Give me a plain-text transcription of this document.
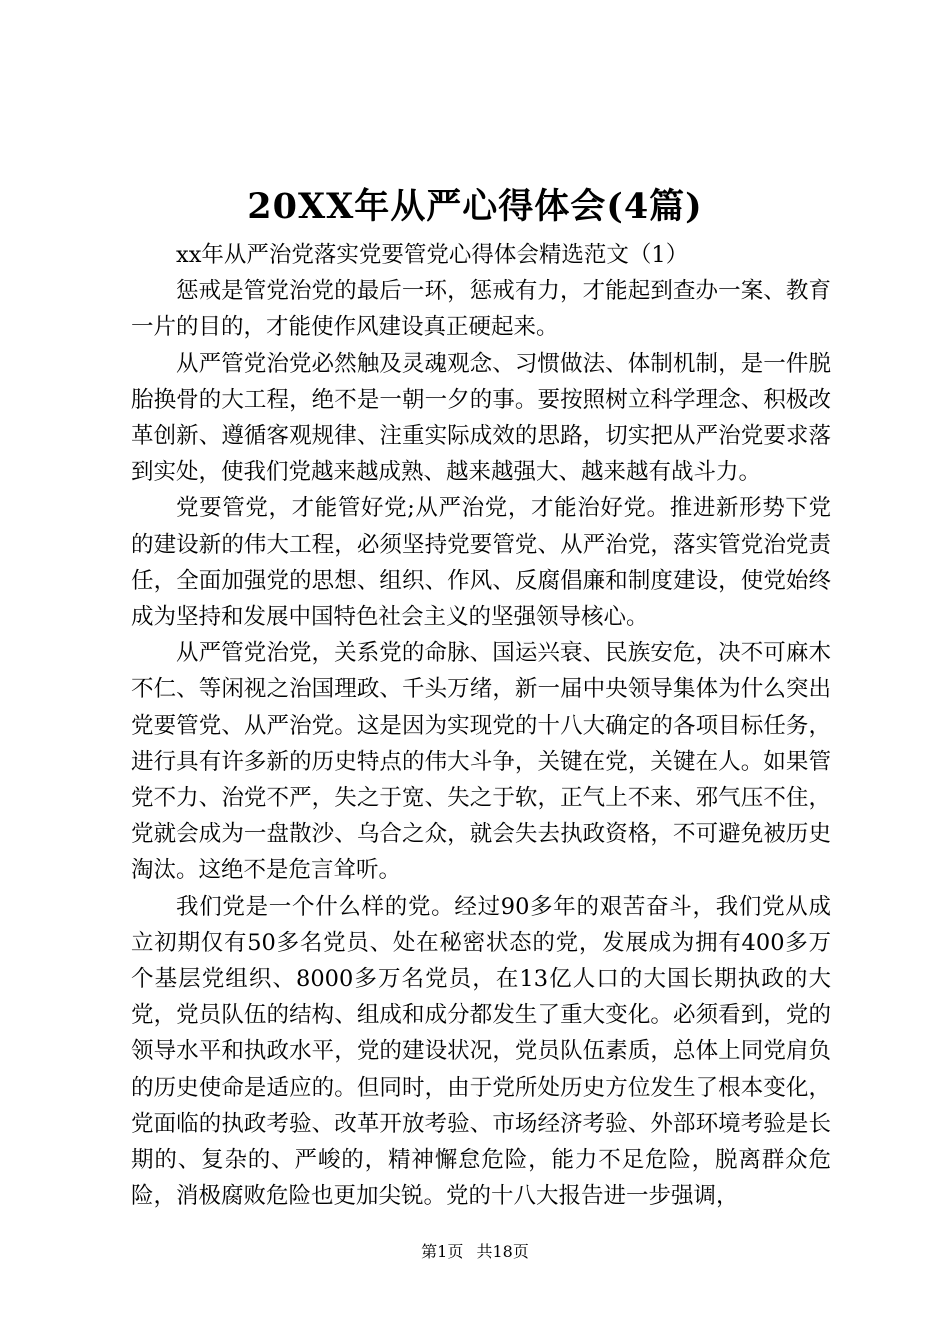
20XX年从严心得体会(4篇)

xx年从严治党落实党要管党心得体会精选范文（1）

惩戒是管党治党的最后一环，惩戒有力，才能起到查办一案、教育一片的目的，才能使作风建设真正硬起来。

从严管党治党必然触及灵魂观念、习惯做法、体制机制，是一件脱胎换骨的大工程，绝不是一朝一夕的事。要按照树立科学理念、积极改革创新、遵循客观规律、注重实际成效的思路，切实把从严治党要求落到实处，使我们党越来越成熟、越来越强大、越来越有战斗力。

党要管党，才能管好党;从严治党，才能治好党。推进新形势下党的建设新的伟大工程，必须坚持党要管党、从严治党，落实管党治党责任，全面加强党的思想、组织、作风、反腐倡廉和制度建设，使党始终成为坚持和发展中国特色社会主义的坚强领导核心。

从严管党治党，关系党的命脉、国运兴衰、民族安危，决不可麻木不仁、等闲视之治国理政、千头万绪，新一届中央领导集体为什么突出党要管党、从严治党。这是因为实现党的十八大确定的各项目标任务，进行具有许多新的历史特点的伟大斗争，关键在党，关键在人。如果管党不力、治党不严，失之于宽、失之于软，正气上不来、邪气压不住，党就会成为一盘散沙、乌合之众，就会失去执政资格，不可避免被历史淘汰。这绝不是危言耸听。

我们党是一个什么样的党。经过90多年的艰苦奋斗，我们党从成立初期仅有50多名党员、处在秘密状态的党，发展成为拥有400多万个基层党组织、8000多万名党员，在13亿人口的大国长期执政的大党，党员队伍的结构、组成和成分都发生了重大变化。必须看到，党的领导水平和执政水平，党的建设状况，党员队伍素质，总体上同党肩负的历史使命是适应的。但同时，由于党所处历史方位发生了根本变化，党面临的执政考验、改革开放考验、市场经济考验、外部环境考验是长期的、复杂的、严峻的，精神懈怠危险，能力不足危险，脱离群众危险，消极腐败危险也更加尖锐。党的十八大报告进一步强调，

第1页 共18页
